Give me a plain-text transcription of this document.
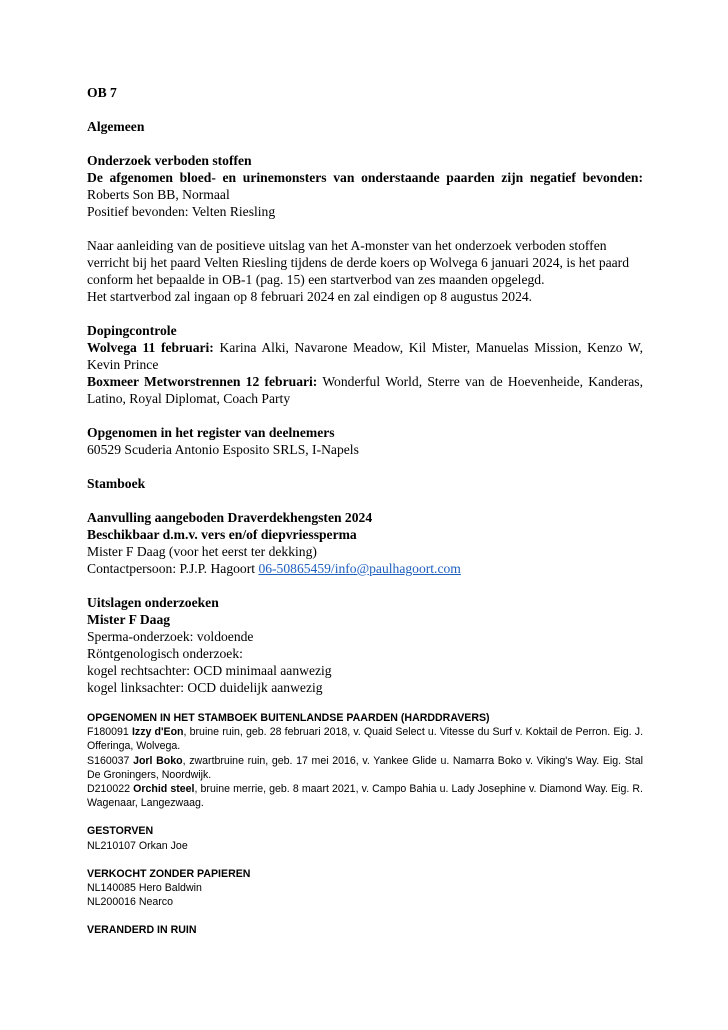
OB 7

Algemeen

Onderzoek verboden stoffen

De afgenomen bloed- en urinemonsters van onderstaande paarden zijn negatief bevonden: Roberts Son BB, Normaal

Positief bevonden: Velten Riesling

Naar aanleiding van de positieve uitslag van het A-monster van het onderzoek verboden stoffen verricht bij het paard Velten Riesling tijdens de derde koers op Wolvega 6 januari 2024, is het paard conform het bepaalde in OB-1 (pag. 15) een startverbod van zes maanden opgelegd.

Het startverbod zal ingaan op 8 februari 2024 en zal eindigen op 8 augustus 2024.

Dopingcontrole

Wolvega 11 februari: Karina Alki, Navarone Meadow, Kil Mister, Manuelas Mission, Kenzo W, Kevin Prince

Boxmeer Metworstrennen 12 februari: Wonderful World, Sterre van de Hoevenheide, Kanderas, Latino, Royal Diplomat, Coach Party

Opgenomen in het register van deelnemers

60529 Scuderia Antonio Esposito SRLS, I-Napels

Stamboek

Aanvulling aangeboden Draverdekhengsten 2024

Beschikbaar d.m.v. vers en/of diepvriessperma

Mister F Daag (voor het eerst ter dekking)

Contactpersoon: P.J.P. Hagoort 06-50865459/info@paulhagoort.com

Uitslagen onderzoeken

Mister F Daag

Sperma-onderzoek: voldoende

Röntgenologisch onderzoek:

kogel rechtsachter: OCD minimaal aanwezig

kogel linksachter: OCD duidelijk aanwezig

OPGENOMEN IN HET STAMBOEK BUITENLANDSE PAARDEN (HARDDRAVERS)

F180091 Izzy d'Eon, bruine ruin, geb. 28 februari 2018, v. Quaid Select u. Vitesse du Surf v. Koktail de Perron. Eig. J. Offeringa, Wolvega.

S160037 Jorl Boko, zwartbruine ruin, geb. 17 mei 2016, v. Yankee Glide u. Namarra Boko v. Viking's Way. Eig. Stal De Groningers, Noordwijk.

D210022 Orchid steel, bruine merrie, geb. 8 maart 2021, v. Campo Bahia u. Lady Josephine v. Diamond Way. Eig. R. Wagenaar, Langezwaag.

GESTORVEN

NL210107 Orkan Joe

VERKOCHT ZONDER PAPIEREN

NL140085 Hero Baldwin

NL200016 Nearco

VERANDERD IN RUIN
